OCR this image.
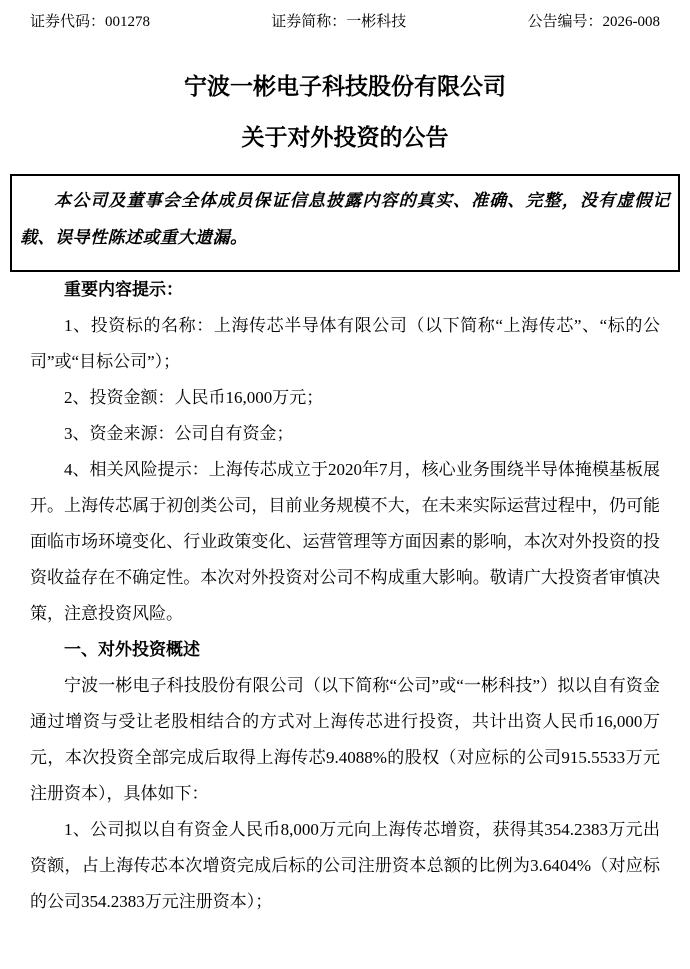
证券代码：001278	证券简称：一彬科技	公告编号：2026-008
宁波一彬电子科技股份有限公司
关于对外投资的公告

本公司及董事会全体成员保证信息披露内容的真实、准确、完整，没有虚假记载、误导性陈述或重大遗漏。

重要内容提示：

1、投资标的名称：上海传芯半导体有限公司（以下简称“上海传芯”、“标的公司”或“目标公司”）；

2、投资金额：人民币16,000万元；

3、资金来源：公司自有资金；

4、相关风险提示：上海传芯成立于2020年7月，核心业务围绕半导体掩模基板展开。上海传芯属于初创类公司，目前业务规模不大，在未来实际运营过程中，仍可能面临市场环境变化、行业政策变化、运营管理等方面因素的影响，本次对外投资的投资收益存在不确定性。本次对外投资对公司不构成重大影响。敬请广大投资者审慎决策，注意投资风险。

一、对外投资概述

宁波一彬电子科技股份有限公司（以下简称“公司”或“一彬科技”）拟以自有资金通过增资与受让老股相结合的方式对上海传芯进行投资，共计出资人民币16,000万元，本次投资全部完成后取得上海传芯9.4088%的股权（对应标的公司915.5533万元注册资本），具体如下：

1、公司拟以自有资金人民币8,000万元向上海传芯增资，获得其354.2383万元出资额，占上海传芯本次增资完成后标的公司注册资本总额的比例为3.6404%（对应标的公司354.2383万元注册资本）；
